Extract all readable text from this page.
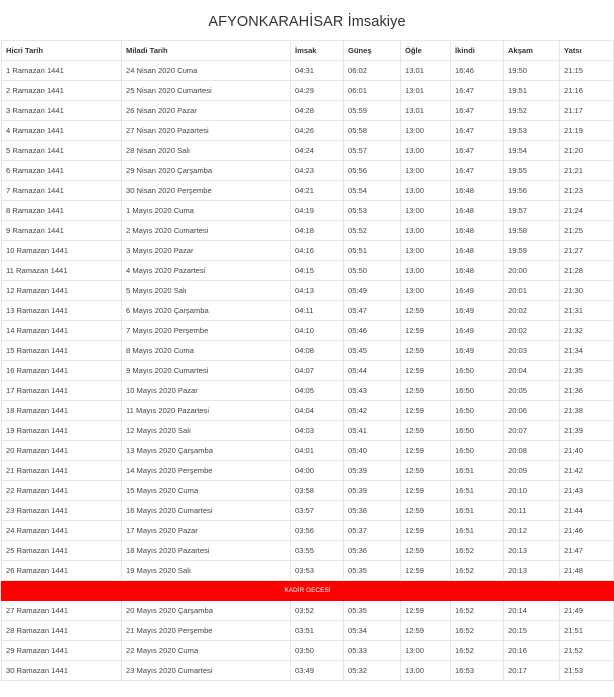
AFYONKARAHİSAR İmsakiye
Hicri Tarih	Miladi Tarih	İmsak	Güneş	Öğle	İkindi	Akşam	Yatsı
1 Ramazan 1441	24 Nisan 2020 Cuma	04:31	06:02	13:01	16:46	19:50	21:15
2 Ramazan 1441	25 Nisan 2020 Cumartesi	04:29	06:01	13:01	16:47	19:51	21:16
3 Ramazan 1441	26 Nisan 2020 Pazar	04:28	05:59	13:01	16:47	19:52	21:17
4 Ramazan 1441	27 Nisan 2020 Pazartesi	04:26	05:58	13:00	16:47	19:53	21:19
5 Ramazan 1441	28 Nisan 2020 Salı	04:24	05:57	13:00	16:47	19:54	21:20
6 Ramazan 1441	29 Nisan 2020 Çarşamba	04:23	05:56	13:00	16:47	19:55	21:21
7 Ramazan 1441	30 Nisan 2020 Perşembe	04:21	05:54	13:00	16:48	19:56	21:23
8 Ramazan 1441	1 Mayıs 2020 Cuma	04:19	05:53	13:00	16:48	19:57	21:24
9 Ramazan 1441	2 Mayıs 2020 Cumartesi	04:18	05:52	13:00	16:48	19:58	21:25
10 Ramazan 1441	3 Mayıs 2020 Pazar	04:16	05:51	13:00	16:48	19:59	21:27
11 Ramazan 1441	4 Mayıs 2020 Pazartesi	04:15	05:50	13:00	16:48	20:00	21:28
12 Ramazan 1441	5 Mayıs 2020 Salı	04:13	05:49	13:00	16:49	20:01	21:30
13 Ramazan 1441	6 Mayıs 2020 Çarşamba	04:11	05:47	12:59	16:49	20:02	21:31
14 Ramazan 1441	7 Mayıs 2020 Perşembe	04:10	05:46	12:59	16:49	20:02	21:32
15 Ramazan 1441	8 Mayıs 2020 Cuma	04:08	05:45	12:59	16:49	20:03	21:34
16 Ramazan 1441	9 Mayıs 2020 Cumartesi	04:07	05:44	12:59	16:50	20:04	21:35
17 Ramazan 1441	10 Mayıs 2020 Pazar	04:05	05:43	12:59	16:50	20:05	21:36
18 Ramazan 1441	11 Mayıs 2020 Pazartesi	04:04	05:42	12:59	16:50	20:06	21:38
19 Ramazan 1441	12 Mayıs 2020 Salı	04:03	05:41	12:59	16:50	20:07	21:39
20 Ramazan 1441	13 Mayıs 2020 Çarşamba	04:01	05:40	12:59	16:50	20:08	21:40
21 Ramazan 1441	14 Mayıs 2020 Perşembe	04:00	05:39	12:59	16:51	20:09	21:42
22 Ramazan 1441	15 Mayıs 2020 Cuma	03:58	05:39	12:59	16:51	20:10	21:43
23 Ramazan 1441	16 Mayıs 2020 Cumartesi	03:57	05:38	12:59	16:51	20:11	21:44
24 Ramazan 1441	17 Mayıs 2020 Pazar	03:56	05:37	12:59	16:51	20:12	21:46
25 Ramazan 1441	18 Mayıs 2020 Pazartesi	03:55	05:36	12:59	16:52	20:13	21:47
26 Ramazan 1441	19 Mayıs 2020 Salı	03:53	05:35	12:59	16:52	20:13	21:48
KADİR GECESİ							
27 Ramazan 1441	20 Mayıs 2020 Çarşamba	03:52	05:35	12:59	16:52	20:14	21:49
28 Ramazan 1441	21 Mayıs 2020 Perşembe	03:51	05:34	12:59	16:52	20:15	21:51
29 Ramazan 1441	22 Mayıs 2020 Cuma	03:50	05:33	13:00	16:52	20:16	21:52
30 Ramazan 1441	23 Mayıs 2020 Cumartesi	03:49	05:32	13:00	16:53	20:17	21:53
